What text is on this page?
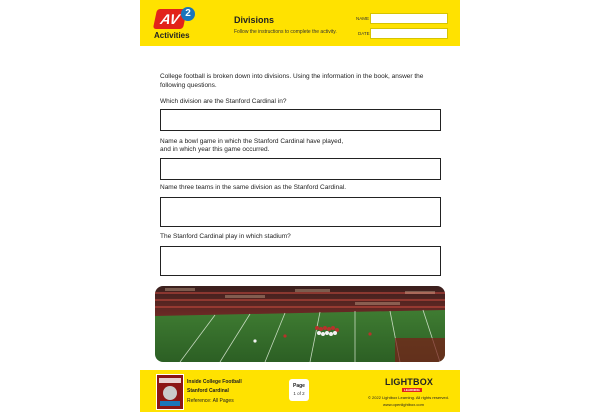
AV 2
Activities
Divisions
Follow the instructions to complete the activity.
NAME
DATE
College football is broken down into divisions. Using the information in the book, answer the following questions.
Which division are the Stanford Cardinal in?
Name a bowl game in which the Stanford Cardinal have played,
and in which year this game occurred.
Name three teams in the same division as the Stanford Cardinal.
The Stanford Cardinal play in which stadium?
Inside College Football
Stanford Cardinal
Reference: All Pages
Page
1 of 2
LIGHTBOX
LEARNING
© 2022 Lightbox Learning. All rights reserved.
www.openlightbox.com
